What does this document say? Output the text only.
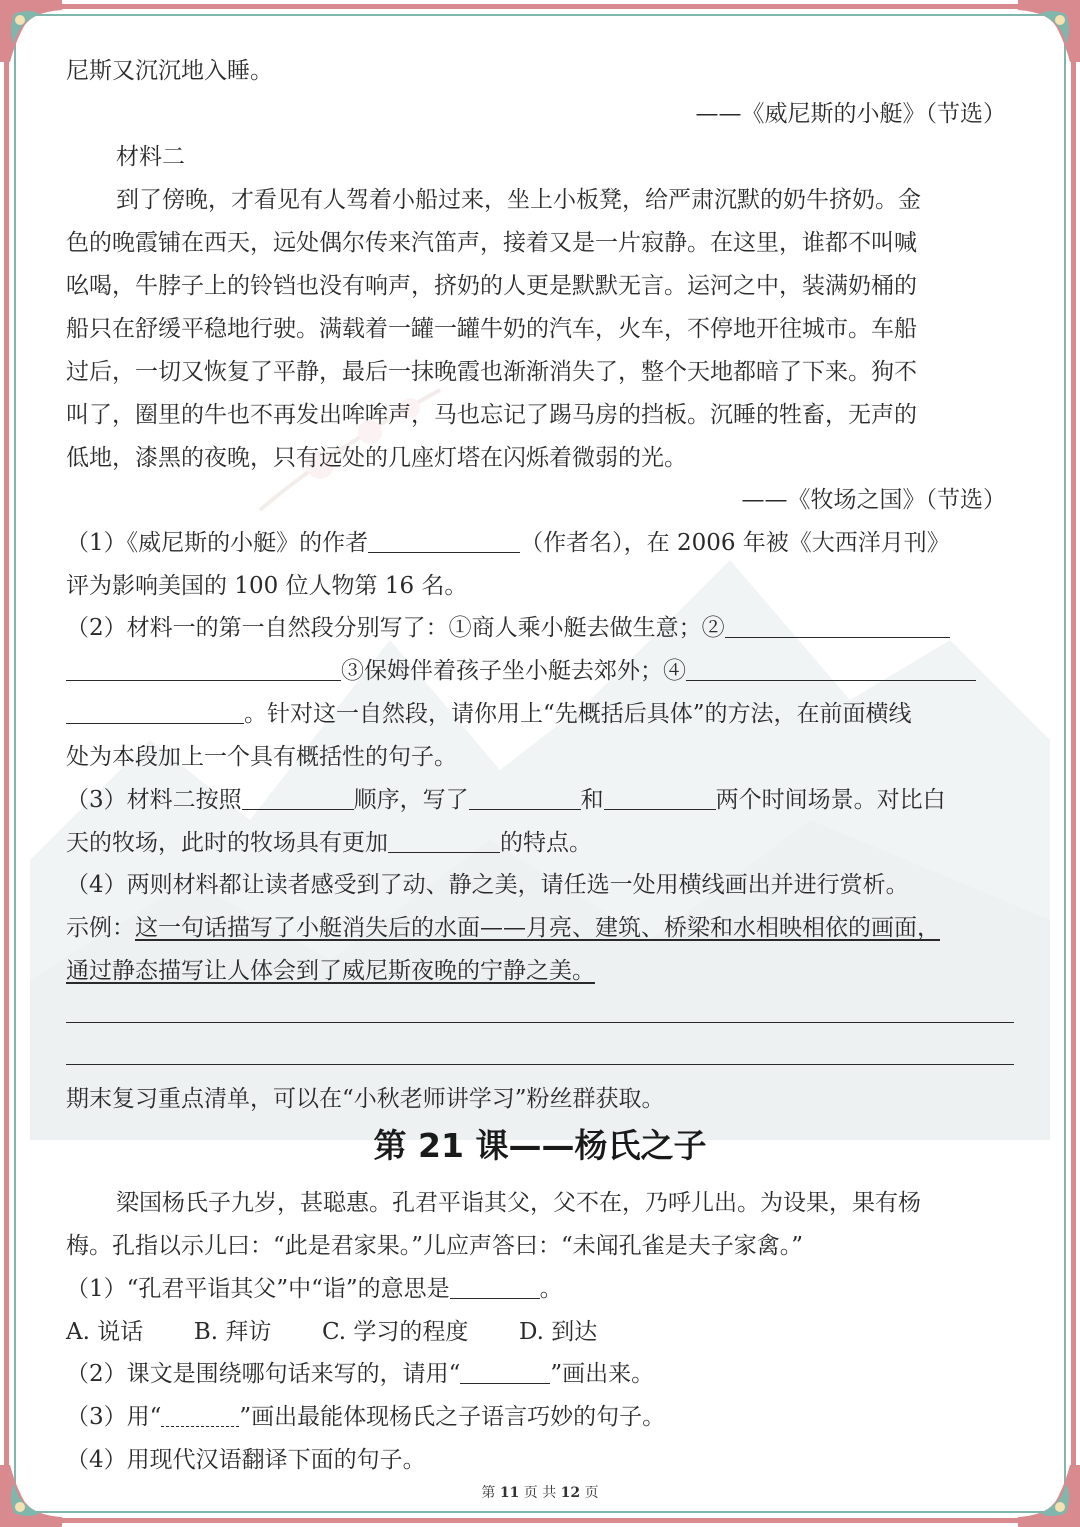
尼斯又沉沉地入睡。
——《威尼斯的小艇》（节选）
材料二
到了傍晚，才看见有人驾着小船过来，坐上小板凳，给严肃沉默的奶牛挤奶。金
色的晚霞铺在西天，远处偶尔传来汽笛声，接着又是一片寂静。在这里，谁都不叫喊
吆喝，牛脖子上的铃铛也没有响声，挤奶的人更是默默无言。运河之中，装满奶桶的
船只在舒缓平稳地行驶。满载着一罐一罐牛奶的汽车，火车，不停地开往城市。车船
过后，一切又恢复了平静，最后一抹晚霞也渐渐消失了，整个天地都暗了下来。狗不
叫了，圈里的牛也不再发出哞哞声，马也忘记了踢马房的挡板。沉睡的牲畜，无声的
低地，漆黑的夜晚，只有远处的几座灯塔在闪烁着微弱的光。
——《牧场之国》（节选）
（1）《威尼斯的小艇》的作者	（作者名），在 2006 年被《大西洋月刊》
评为影响美国的 100 位人物第 16 名。
（2）材料一的第一自然段分别写了：①商人乘小艇去做生意；②
③保姆伴着孩子坐小艇去郊外；④
。针对这一自然段，请你用上“先概括后具体”的方法，在前面横线
处为本段加上一个具有概括性的句子。
（3）材料二按照	顺序，写了	和	两个时间场景。对比白
天的牧场，此时的牧场具有更加	的特点。
（4）两则材料都让读者感受到了动、静之美，请任选一处用横线画出并进行赏析。
示例：这一句话描写了小艇消失后的水面——月亮、建筑、桥梁和水相映相依的画面，
通过静态描写让人体会到了威尼斯夜晚的宁静之美。
期末复习重点清单，可以在“小秋老师讲学习”粉丝群获取。
第 21 课——杨氏之子
梁国杨氏子九岁，甚聪惠。孔君平诣其父，父不在，乃呼儿出。为设果，果有杨
梅。孔指以示儿曰：“此是君家果。”儿应声答曰：“未闻孔雀是夫子家禽。”
（1）“孔君平诣其父”中“诣”的意思是	。
A. 说话 B. 拜访 C. 学习的程度 D. 到达
（2）课文是围绕哪句话来写的，请用“	”画出来。
（3）用“	”画出最能体现杨氏之子语言巧妙的句子。
（4）用现代汉语翻译下面的句子。
第 11 页 共 12 页
